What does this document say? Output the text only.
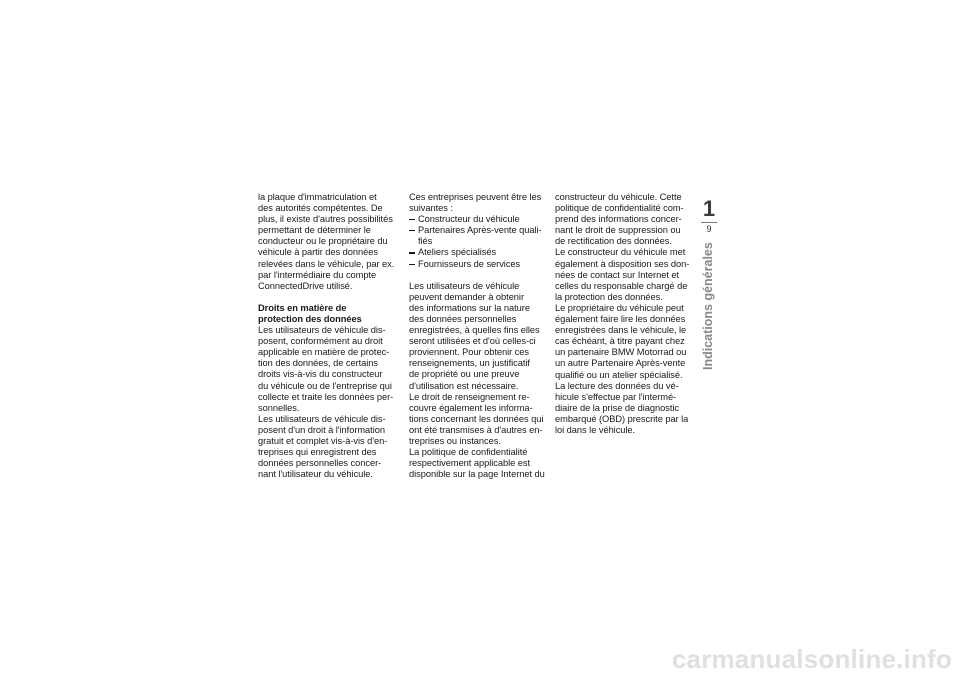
la plaque d'immatriculation et
des autorités compétentes. De
plus, il existe d'autres possibilités
permettant de déterminer le
conducteur ou le propriétaire du
véhicule à partir des données
relevées dans le véhicule, par ex.
par l'intermédiaire du compte
ConnectedDrive utilisé.

Droits en matière de
protection des données

Les utilisateurs de véhicule dis-
posent, conformément au droit
applicable en matière de protec-
tion des données, de certains
droits vis-à-vis du constructeur
du véhicule ou de l'entreprise qui
collecte et traite les données per-
sonnelles.

Les utilisateurs de véhicule dis-
posent d'un droit à l'information
gratuit et complet vis-à-vis d'en-
treprises qui enregistrent des
données personnelles concer-
nant l'utilisateur du véhicule.

Ces entreprises peuvent être les
suivantes :

Constructeur du véhicule
Partenaires Après-vente quali-
fiés
Ateliers spécialisés
Fournisseurs de services

Les utilisateurs de véhicule
peuvent demander à obtenir
des informations sur la nature
des données personnelles
enregistrées, à quelles fins elles
seront utilisées et d'où celles-ci
proviennent. Pour obtenir ces
renseignements, un justificatif
de propriété ou une preuve
d'utilisation est nécessaire.

Le droit de renseignement re-
couvre également les informa-
tions concernant les données qui
ont été transmises à d'autres en-
treprises ou instances.

La politique de confidentialité
respectivement applicable est
disponible sur la page Internet du

constructeur du véhicule. Cette
politique de confidentialité com-
prend des informations concer-
nant le droit de suppression ou
de rectification des données.

Le constructeur du véhicule met
également à disposition ses don-
nées de contact sur Internet et
celles du responsable chargé de
la protection des données.

Le propriétaire du véhicule peut
également faire lire les données
enregistrées dans le véhicule, le
cas échéant, à titre payant chez
un partenaire BMW Motorrad ou
un autre Partenaire Après-vente
qualifié ou un atelier spécialisé.

La lecture des données du vé-
hicule s'effectue par l'intermé-
diaire de la prise de diagnostic
embarqué (OBD) prescrite par la
loi dans le véhicule.

1
9
Indications générales
carmanualsonline.info
